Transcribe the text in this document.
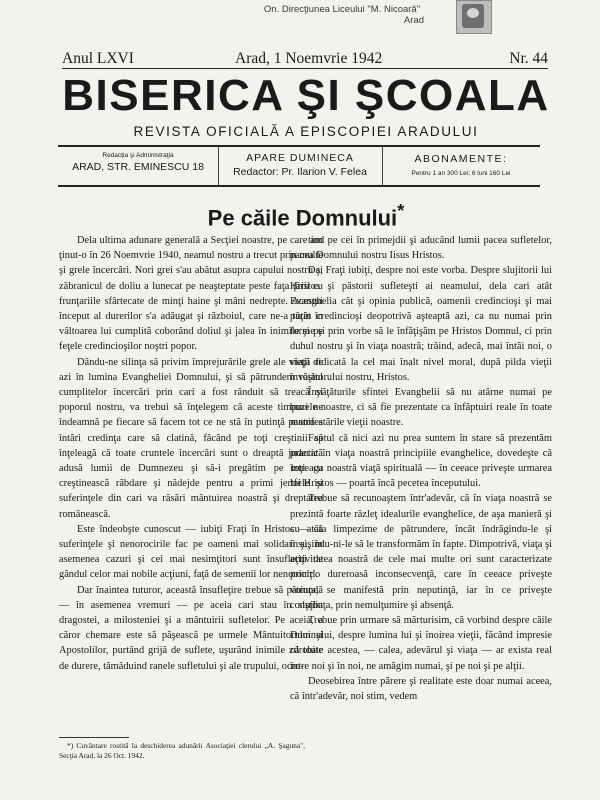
On. Direcţiunea Liceului "M. Nicoară"
Arad
Anul LXVI	Arad, 1 Noemvrie 1942	Nr. 44
BISERICA ŞI ŞCOALA
REVISTA OFICIALĂ A EPISCOPIEI ARADULUI
Redacţia şi Administraţia
ARAD, STR. EMINESCU 18
APARE DUMINECA
Redactor: Pr. Ilarion V. Felea
ABONAMENTE:
Pentru 1 an 300 Lei; 6 luni 160 Lei
Pe căile Domnului*

Dela ultima adunare generală a Secţiei noastre, pe care am ţinut-o în 26 Noemvrie 1940, neamul nostru a trecut prin multe şi grele încercări. Nori grei s'au abătut asupra capului nostru şi zăbranicul de doliu a lunecat pe neaşteptate peste faţa ţării cu frunţariile sfârtecate de minţi haine şi mâni nedrepte. Acestui început al durerilor s'a adăugat şi războiul, care ne-a târât în vâltoarea lui cumplită coborând doliul şi jalea în inimile şi pe feţele credincioşilor noştri popor.

Dându-ne silinţa să privim împrejurările grele ale vieţii de azi în lumina Evangheliei Domnului, şi să pătrundem rostul cumplitelor încercări prin cari a fost rânduit să treacă şi poporul nostru, va trebui să înţelegem că aceste timpuri ne îndeamnă pe fiecare să facem tot ce ne stă în putinţă pentru a întări credinţa care să clatină, făcând pe toţi creştinii să înţeleagă că toate cruntele încercări sunt o dreaptă judecată adusă lumii de Dumnezeu şi să-i pregătim pe toţi cu creştinească răbdare şi nădejde pentru a primi jertfele şi suferinţele din cari va răsări mântuirea noastră şi dreptatea românească.

Este îndeobşte cunoscut — iubiţi Fraţi în Hristos — că suferinţele şi nenorocirile fac pe oameni mai solidari şi, în asemenea cazuri şi cei mai nesimţitori sunt însufleţiţi de gândul celor mai nobile acţiuni, faţă de semenii lor nenorociţi.

Dar înaintea tuturor, această însufleţire trebue să pătrundă — în asemenea vremuri — pe aceia cari stau în slujba dragostei, a milosteniei şi a mântuirii sufletelor. Pe aceia, a căror chemare este să păşească pe urmele Mântuitorului şi Apostolilor, purtând grijă de suflete, uşurând inimile zdrobite de durere, tămăduind ranele sufletului şi ale trupului, ocro-

tind pe cei în primejdii şi aducând lumii pacea sufletelor, pacea Domnului nostru Iisus Hristos.

Da, Fraţi iubiţi, despre noi este vorba. Despre slujitorii lui Hristos şi păstorii sufleteşti ai neamului, dela cari atât Evanghelia cât şi opinia publică, oamenii credincioşi şi mai puţin credincioşi deopotrivă aşteaptă azi, ca nu numai prin forme şi prin vorbe să le înfăţişăm pe Hristos Domnul, ci prin duhul nostru şi în viaţa noastră; trăind, adecă, mai întâi noi, o viaţă ridicată la cel mai înalt nivel moral, după pilda vieţii învăţătorului nostru, Hristos.

Învăţăturile sfintei Evanghelii să nu atârne numai pe buzele noastre, ci să fie prezentate ca înfăptuiri reale în toate manifestările vieţii noastre.

Faptul că nici azi nu prea suntem în stare să prezentăm practic în viaţa noastră principiile evanghelice, dovedeşte că întreaga noastră viaţă spirituală — în ceeace priveşte urmarea lui Hristos — poartă încă pecetea începutului.

Trebue să recunoaştem într'adevăr, că în viaţa noastră se prezintă foarte răzleţ idealurile evanghelice, de aşa manieră şi cu atâta limpezime de pătrundere, încât îndrăgindu-le şi însuşindu-ni-le să le transformăm în fapte. Dimpotrivă, viaţa şi activitatea noastră de cele mai multe ori sunt caracterizate printr'o dureroasă inconsecvenţă, care în ceeace priveşte voinţa, se manifestă prin neputinţă, iar în ce priveşte conştiinţa, prin nemulţumire şi absenţă.

Trebue prin urmare să mărturisim, că vorbind despre căile Domnului, despre lumina lui şi înoirea vieţii, făcând impresie că toate acestea, — calea, adevărul şi viaţa — ar exista real între noi şi în noi, ne amăgim numai, şi pe noi şi pe alţii.

Deosebirea între părere şi realitate este doar numai aceea, că într'adevăr, noi stim, vedem

*) Cuvântare rostită la deschiderea adunării Asociaţiei clerului „A. Şaguna", Secţia Arad, la 26 Oct. 1942.
